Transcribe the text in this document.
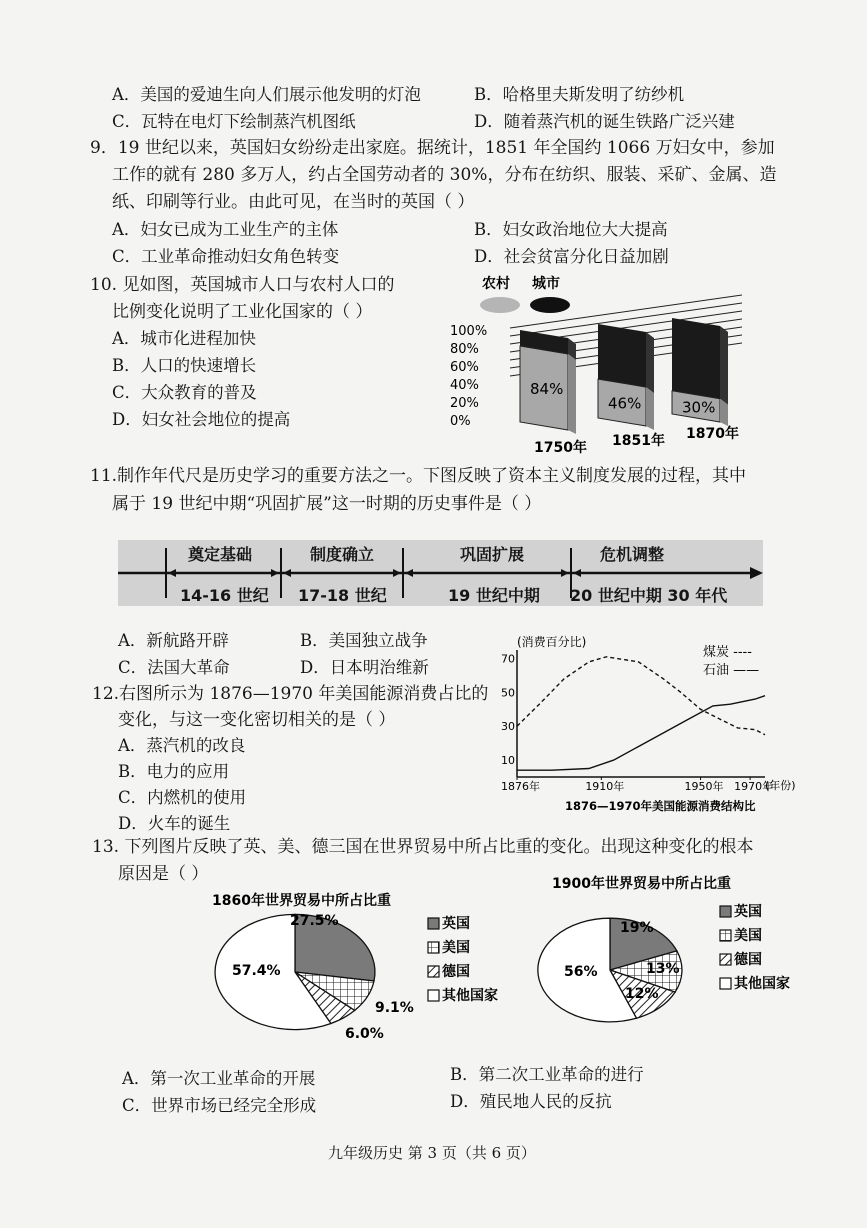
A．美国的爱迪生向人们展示他发明的灯泡	B．哈格里夫斯发明了纺纱机
C．瓦特在电灯下绘制蒸汽机图纸	D．随着蒸汽机的诞生铁路广泛兴建
9．19 世纪以来，英国妇女纷纷走出家庭。据统计，1851 年全国约 1066 万妇女中，参加
工作的就有 280 多万人，约占全国劳动者的 30%，分布在纺织、服装、采矿、金属、造
纸、印刷等行业。由此可见，在当时的英国（ ）
A．妇女已成为工业生产的主体	B．妇女政治地位大大提高
C．工业革命推动妇女角色转变	D．社会贫富分化日益加剧
10. 见如图，英国城市人口与农村人口的
比例变化说明了工业化国家的（ ）
A．城市化进程加快
B．人口的快速增长
C．大众教育的普及
D．妇女社会地位的提高
农村 城市
100%
80%
60%
40%
20%
0%
84%
1750年
46%
1851年
30%
1870年
11.制作年代尺是历史学习的重要方法之一。下图反映了资本主义制度发展的过程，其中
属于 19 世纪中期“巩固扩展”这一时期的历史事件是（ ）
奠定基础	制度确立	巩固扩展	危机调整
14-16 世纪 17-18 世纪	19 世纪中期 20 世纪中期 30 年代
A．新航路开辟	B．美国独立战争
C．法国大革命	D．日本明治维新
12.右图所示为 1876—1970 年美国能源消费占比的
变化，与这一变化密切相关的是（ ）
A．蒸汽机的改良
B．电力的应用
C．内燃机的使用
D．火车的诞生
(消费百分比)
煤炭 ----
石油 ——
10
30
50
70
1876年	1910年	1950年 1970年
(年份)
1876—1970年美国能源消费结构比
13. 下列图片反映了英、美、德三国在世界贸易中所占比重的变化。出现这种变化的根本
原因是（ ）
1860年世界贸易中所占比重
27.5%
9.1%
6.0%
57.4%
英国
美国
德国
其他国家
1900年世界贸易中所占比重
19%
13%
12%
56%
英国
美国
德国
其他国家
A．第一次工业革命的开展	B．第二次工业革命的进行
C．世界市场已经完全形成	D．殖民地人民的反抗
九年级历史 第 3 页（共 6 页）
